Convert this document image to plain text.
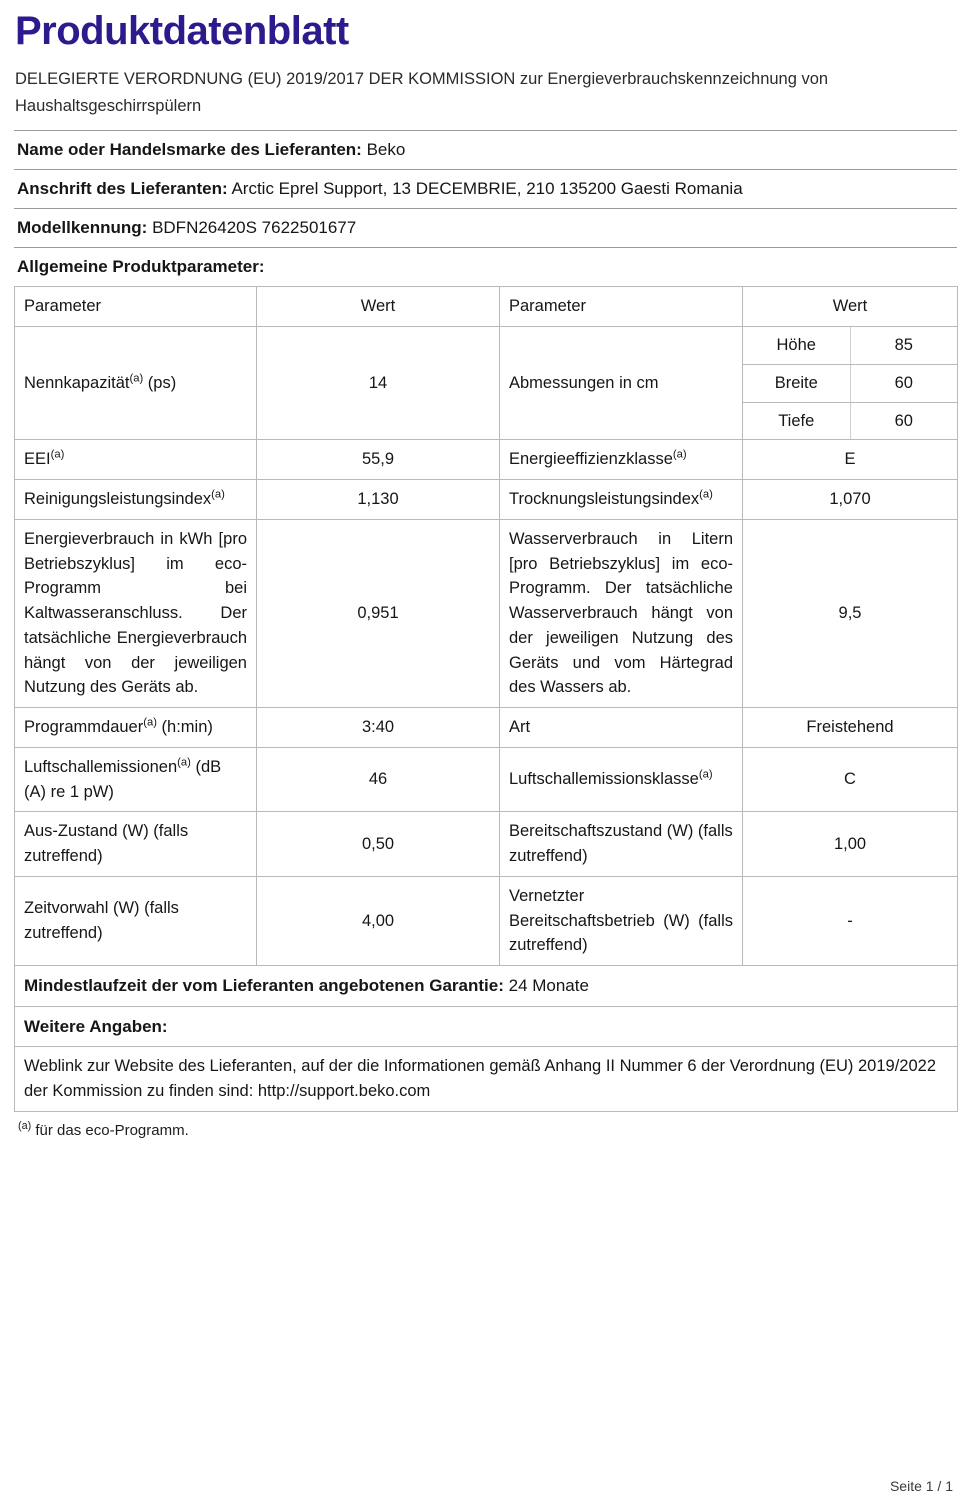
Produktdatenblatt
DELEGIERTE VERORDNUNG (EU) 2019/2017 DER KOMMISSION zur Energieverbrauchskennzeichnung von Haushaltsgeschirrspülern
Name oder Handelsmarke des Lieferanten: Beko
Anschrift des Lieferanten: Arctic Eprel Support, 13 DECEMBRIE, 210 135200 Gaesti Romania
Modellkennung: BDFN26420S 7622501677
Allgemeine Produktparameter:
Parameter	Wert	Parameter	Wert
Nennkapazität$^{(a)}$ (ps)	14	Abmessungen in cm	
Höhe	85
Breite	60
Tiefe	60

EEI$^{(a)}$	55,9	Energieeffizienzklasse$^{(a)}$	E
Reinigungsleistungsindex$^{(a)}$	1,130	Trocknungsleistungsindex$^{(a)}$	1,070
Energieverbrauch in kWh [pro Betriebszyklus] im eco-Programm bei Kaltwasseranschluss. Der tatsächliche Energieverbrauch hängt von der jeweiligen Nutzung des Geräts ab.	0,951	Wasserverbrauch in Litern [pro Betriebszyklus] im eco-Programm. Der tatsächliche Wasserverbrauch hängt von der jeweiligen Nutzung des Geräts und vom Härtegrad des Wassers ab.	9,5
Programmdauer$^{(a)}$ (h:min)	3:40	Art	Freistehend
Luftschallemissionen$^{(a)}$ (dB (A) re 1 pW)	46	Luftschallemissionsklasse$^{(a)}$	C
Aus-Zustand (W) (falls zutreffend)	0,50	Bereitschaftszustand (W) (falls zutreffend)	1,00
Zeitvorwahl (W) (falls zutreffend)	4,00	Vernetzter Bereitschaftsbetrieb (W) (falls zutreffend)	-
Mindestlaufzeit der vom Lieferanten angebotenen Garantie: 24 Monate
Weitere Angaben:
Weblink zur Website des Lieferanten, auf der die Informationen gemäß Anhang II Nummer 6 der Verordnung (EU) 2019/2022 der Kommission zu finden sind: http://support.beko.com
$^{(a)}$ für das eco-Programm.
Seite 1 / 1
